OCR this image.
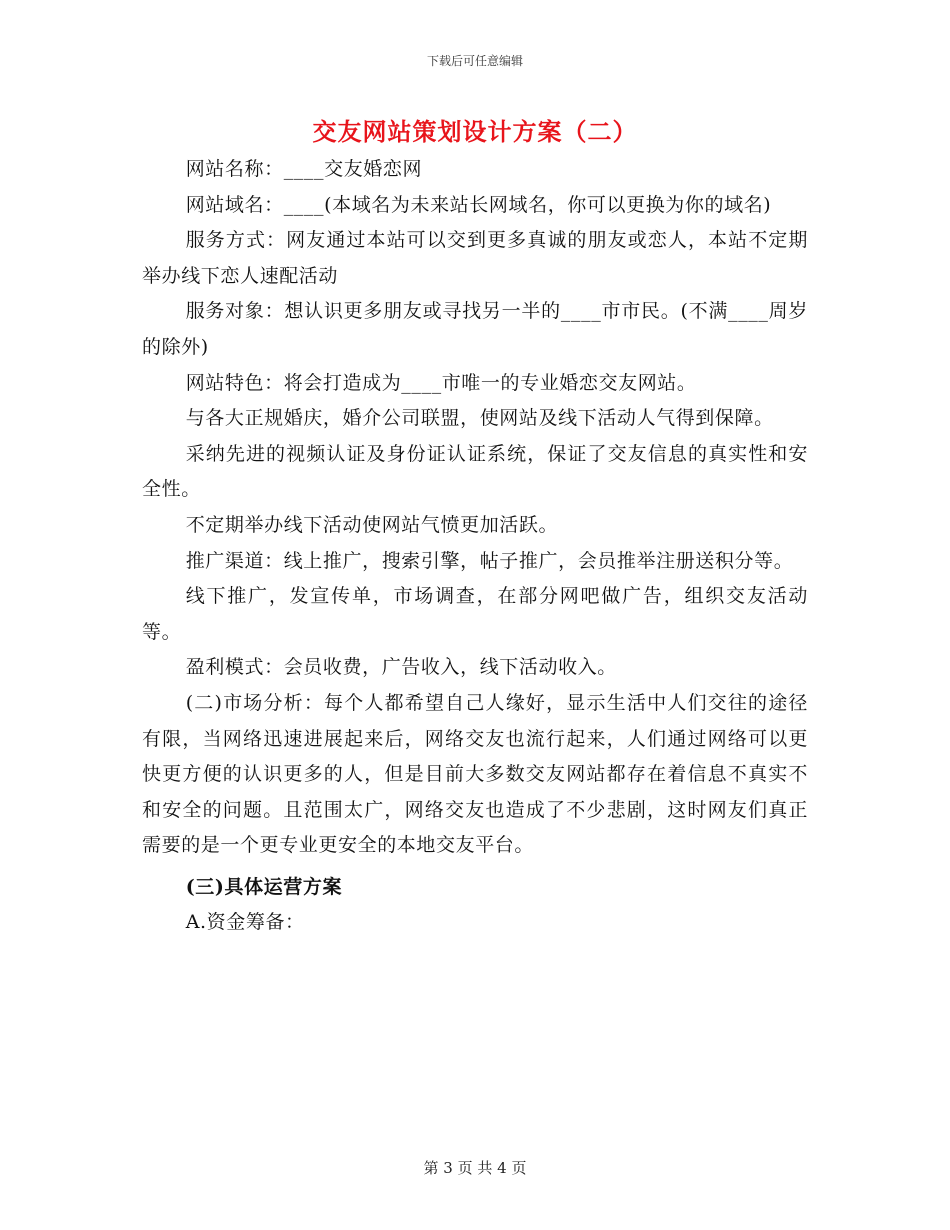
下载后可任意编辑
交友网站策划设计方案（二）

网站名称：____交友婚恋网

网站域名：____(本域名为未来站长网域名，你可以更换为你的域名)

服务方式：网友通过本站可以交到更多真诚的朋友或恋人，本站不定期举办线下恋人速配活动

服务对象：想认识更多朋友或寻找另一半的____市市民。(不满____周岁的除外)

网站特色：将会打造成为____市唯一的专业婚恋交友网站。

与各大正规婚庆，婚介公司联盟，使网站及线下活动人气得到保障。

采纳先进的视频认证及身份证认证系统，保证了交友信息的真实性和安全性。

不定期举办线下活动使网站气愤更加活跃。

推广渠道：线上推广，搜索引擎，帖子推广，会员推举注册送积分等。

线下推广，发宣传单，市场调查，在部分网吧做广告，组织交友活动等。

盈利模式：会员收费，广告收入，线下活动收入。

(二)市场分析：每个人都希望自己人缘好，显示生活中人们交往的途径有限，当网络迅速进展起来后，网络交友也流行起来，人们通过网络可以更快更方便的认识更多的人，但是目前大多数交友网站都存在着信息不真实不和安全的问题。且范围太广，网络交友也造成了不少悲剧，这时网友们真正需要的是一个更专业更安全的本地交友平台。

(三)具体运营方案

A.资金筹备：

第 3 页 共 4 页
